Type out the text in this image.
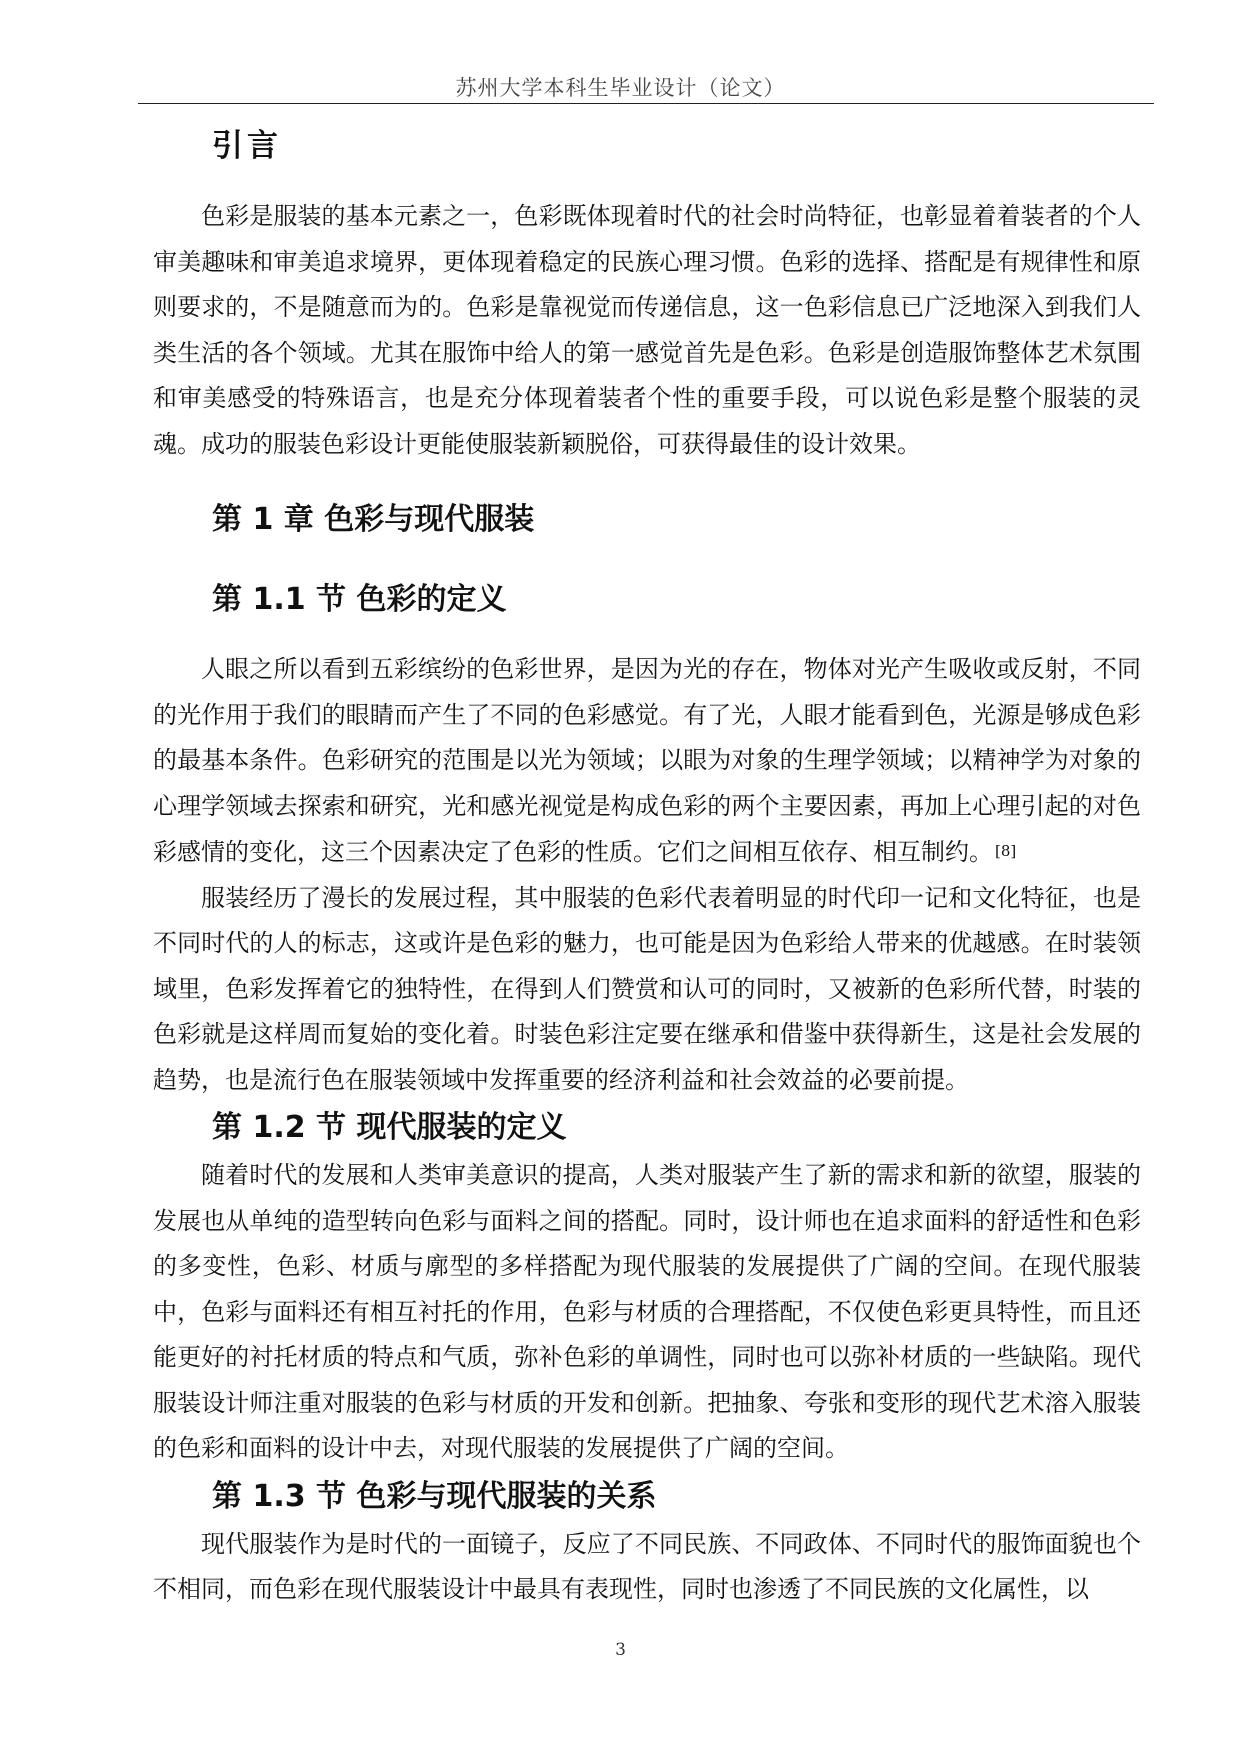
苏州大学本科生毕业设计（论文）
引言

色彩是服装的基本元素之一，色彩既体现着时代的社会时尚特征，也彰显着着装者的个人审美趣味和审美追求境界，更体现着稳定的民族心理习惯。色彩的选择、搭配是有规律性和原则要求的，不是随意而为的。色彩是靠视觉而传递信息，这一色彩信息已广泛地深入到我们人类生活的各个领域。尤其在服饰中给人的第一感觉首先是色彩。色彩是创造服饰整体艺术氛围和审美感受的特殊语言，也是充分体现着装者个性的重要手段，可以说色彩是整个服装的灵魂。成功的服装色彩设计更能使服装新颖脱俗，可获得最佳的设计效果。

第 1 章 色彩与现代服装
第 1.1 节 色彩的定义

人眼之所以看到五彩缤纷的色彩世界，是因为光的存在，物体对光产生吸收或反射，不同的光作用于我们的眼睛而产生了不同的色彩感觉。有了光，人眼才能看到色，光源是够成色彩的最基本条件。色彩研究的范围是以光为领域；以眼为对象的生理学领域；以精神学为对象的心理学领域去探索和研究，光和感光视觉是构成色彩的两个主要因素，再加上心理引起的对色彩感情的变化，这三个因素决定了色彩的性质。它们之间相互依存、相互制约。 [8]

服装经历了漫长的发展过程，其中服装的色彩代表着明显的时代印一记和文化特征，也是不同时代的人的标志，这或许是色彩的魅力，也可能是因为色彩给人带来的优越感。在时装领域里，色彩发挥着它的独特性，在得到人们赞赏和认可的同时，又被新的色彩所代替，时装的色彩就是这样周而复始的变化着。时装色彩注定要在继承和借鉴中获得新生，这是社会发展的趋势，也是流行色在服装领域中发挥重要的经济利益和社会效益的必要前提。

第 1.2 节 现代服装的定义

随着时代的发展和人类审美意识的提高，人类对服装产生了新的需求和新的欲望，服装的发展也从单纯的造型转向色彩与面料之间的搭配。同时，设计师也在追求面料的舒适性和色彩的多变性，色彩、材质与廓型的多样搭配为现代服装的发展提供了广阔的空间。在现代服装中，色彩与面料还有相互衬托的作用，色彩与材质的合理搭配，不仅使色彩更具特性，而且还能更好的衬托材质的特点和气质，弥补色彩的单调性，同时也可以弥补材质的一些缺陷。现代服装设计师注重对服装的色彩与材质的开发和创新。把抽象、夸张和变形的现代艺术溶入服装的色彩和面料的设计中去，对现代服装的发展提供了广阔的空间。

第 1.3 节 色彩与现代服装的关系

现代服装作为是时代的一面镜子，反应了不同民族、不同政体、不同时代的服饰面貌也个不相同，而色彩在现代服装设计中最具有表现性，同时也渗透了不同民族的文化属性，以

3
